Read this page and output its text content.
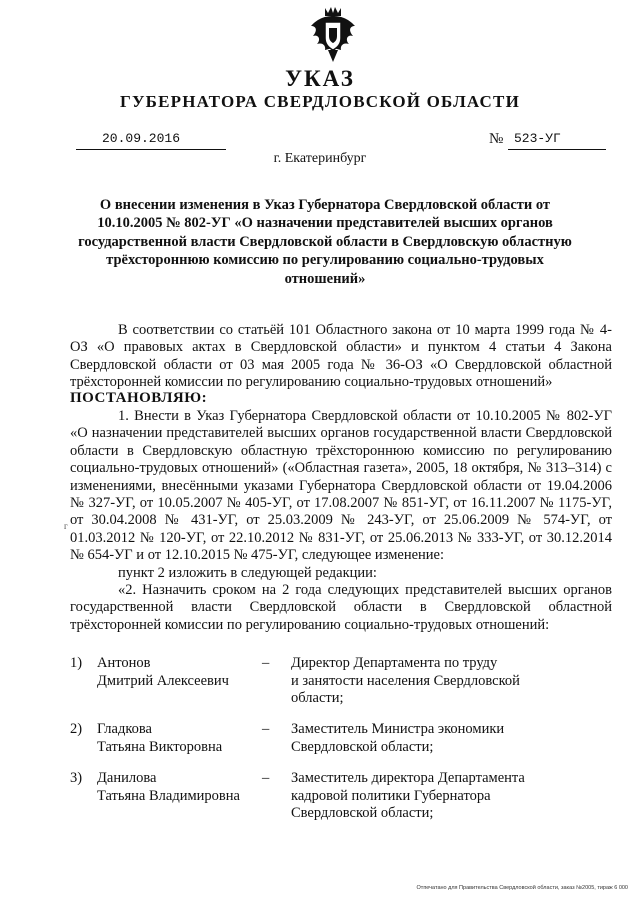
УКАЗ
ГУБЕРНАТОРА СВЕРДЛОВСКОЙ ОБЛАСТИ
20.09.2016	№ 523-УГ
г. Екатеринбург
О внесении изменения в Указ Губернатора Свердловской области от 10.10.2005 № 802-УГ «О назначении представителей высших органов государственной власти Свердловской области в Свердловскую областную трёхстороннюю комиссию по регулированию социально-трудовых отношений»

В соответствии со статьёй 101 Областного закона от 10 марта 1999 года № 4-ОЗ «О правовых актах в Свердловской области» и пунктом 4 статьи 4 Закона Свердловской области от 03 мая 2005 года № 36-ОЗ «О Свердловской областной трёхсторонней комиссии по регулированию социально-трудовых отношений»

ПОСТАНОВЛЯЮ:

1. Внести в Указ Губернатора Свердловской области от 10.10.2005 № 802-УГ «О назначении представителей высших органов государственной власти Свердловской области в Свердловскую областную трёхстороннюю комиссию по регулированию социально-трудовых отношений» («Областная газета», 2005, 18 октября, № 313–314) с изменениями, внесёнными указами Губернатора Свердловской области от 19.04.2006 № 327-УГ, от 10.05.2007 № 405-УГ, от 17.08.2007 № 851-УГ, от 16.11.2007 № 1175-УГ, от 30.04.2008 № 431-УГ, от 25.03.2009 № 243-УГ, от 25.06.2009 № 574-УГ, от 01.03.2012 № 120-УГ, от 22.10.2012 № 831-УГ, от 25.06.2013 № 333-УГ, от 30.12.2014 № 654-УГ и от 12.10.2015 № 475-УГ, следующее изменение:

пункт 2 изложить в следующей редакции:

«2. Назначить сроком на 2 года следующих представителей высших органов государственной власти Свердловской области в Свердловской областной трёхсторонней комиссии по регулированию социально-трудовых отношений:

г
1) Антонов
Дмитрий Алексеевич
– Директор Департамента по труду
и занятости населения Свердловской
области;
2) Гладкова
Татьяна Викторовна
– Заместитель Министра экономики
Свердловской области;
3) Данилова
Татьяна Владимировна
– Заместитель директора Департамента
кадровой политики Губернатора
Свердловской области;
Отпечатано для Правительства Свердловской области, заказ №2005, тираж 6 000
